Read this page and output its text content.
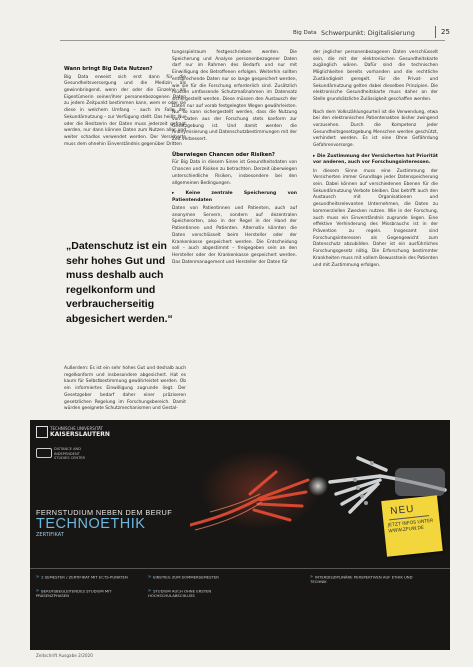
Big Data Schwerpunkt: Digitalisierung	25
Wann bringt Big Data Nutzen?

Big Data erweist sich erst dann für die Gesundheitsversorgung und die Medizin als gewinnbringend, wenn der oder die Einzelne als Eigentümerin seiner/ihrer personenbezogenen Daten zu jedem Zeitpunkt bestimmen kann, wem er oder sie diese in welchem Umfang – auch im Falle der Sekundärnutzung – zur Verfügung stellt. Das heißt: Nur oder die Besitzerin der Daten muss jederzeit gefragt werden, nur dann können Daten zum Nutzen aller und weiter schadlos verwendet werden. Der Versicherte muss dem ohnehin Einverständnis gegenüber Dritten

„Datenschutz ist ein sehr hohes Gut und muss deshalb auch regelkonform und verbraucherseitig abgesichert werden.“

Außerdem: Es ist ein sehr hohes Gut und deshalb auch regelkonform und insbesondere abgesichert. Hat es kaum für Selbstbestimmung gewährleistet werden. Ob ein informiertes Einwilligung zugrunde liegt. Der Gesetzgeber bedarf daher einer präziseren gesetzlichen Regelung im Forschungsbereich. Damit würden geeignete Schutzmechanismen und Gestal-

tungsspielraum festgeschrieben werden. Die Speicherung und Analyse personenbezogener Daten darf nur im Rahmen des Bedarfs und nur mit Einwilligung des Betroffenen erfolgen. Weiterhin sollten entsprechende Daten nur so lange gespeichert werden, wie sie für die Forschung erforderlich sind. Zusätzlich müssen umfassende Schutzmaßnahmen im Datensatz sichergestellt werden. Diese müssen den Austausch der Daten nur auf vorab festgelegten Wegen gewährleisten. Nur so kann sichergestellt werden, dass die Nutzung von Daten aus der Forschung stets konform zur Gesetzgebung ist. Und damit werden die Anonymisierung und Datenschutzbestimmungen mit der Zeit verbessert.

Überwiegen Chancen oder Risiken?

Für Big Data in diesem Sinne ist Gesundheitsdaten von Chancen und Risiken zu betrachten. Derzeit überwiegen unterschiedliche Risiken, insbesondere bei den allgemeinen Bedingungen.

▸ Keine zentrale Speicherung von Patientendaten

Daten von Patientinnen und Patienten, auch auf anonymen Servern, sondern auf dezentralen Speicherorten, also in der Regel in der Hand der Patientinnen und Patienten. Alternativ könnten die Daten verschlüsselt beim Hersteller oder der Krankenkasse gespeichert werden. Die Entscheidung soll – auch abgestimmt – freigegeben sein an den Hersteller oder der Krankenkasse gespeichert werden. Das Datenmanagement und Hersteller der Daten für

der jeglicher personenbezogenen Daten verschlüsselt sein, die mit der elektronischen Gesundheitskarte zugänglich wären. Dafür sind die technischen Möglichkeiten bereits vorhanden und die rechtliche Zuständigkeit geregelt. Für die Privat- und Sekundärnutzung gelten dabei dieselben Prinzipien. Die elektronische Gesundheitskarte muss daher an der Stelle grundsätzliche Zulässigkeit geschaffen werden.

Nach dem Volkszählungsurteil ist die Verwendung, etwa bei den elektronischen Patientenakten bisher zwingend vorzusehen. Durch die Kompetenz jeder Gesundheitsgesetzgebung Menschen werden geschützt, verhindert werden. Es ist eine Ohne Gefährdung Gefahrenvorsorge.

▸ Die Zustimmung der Versicherten hat Priorität vor anderen, auch vor Forschungsinteressen.

In diesem Sinne muss eine Zustimmung der Versicherten immer Grundlage jeder Datenspeicherung sein. Dabei können auf verschiedenen Ebenen für die Sekundärnutzung Verbote bleiben. Das betrifft auch den Austausch mit Organisationen und gesundheitsrelevanten Unternehmen, die Daten zu kommerziellen Zwecken nutzen. Wie in der Forschung, auch muss ein Einverständnis zugrunde liegen. Eine effektive Verhinderung des Missbrauchs ist in der Prävention zu regeln. Insgesamt sind Forschungsinteressen als Gegengewicht zum Datenschutz abzubilden. Daher ist ein ausführliches Forschungsgesetz nötig. Die Erforschung bestimmter Krankheiten muss mit vollem Bewusstsein des Patienten und mit Zustimmung erfolgen.

TECHNISCHE UNIVERSITÄT
KAISERSLAUTERN
DISTANCE AND INDEPENDENT STUDIES CENTER
FERNSTUDIUM NEBEN DEM BERUF
TECHNOETHIK
ZERTIFIKAT
NEU
JETZT INFOS UNTER WWW.ZFUW.DE
» 2 SEMESTER / ZERTIFIKAT MIT ECTS-PUNKTEN
» BERUFSBEGLEITENDES STUDIUM MIT PRÄSENZPHASEN
» EINSTIEG ZUM SOMMERSEMESTER
» STUDIUM AUCH OHNE ERSTEN HOCHSCHULABSCHLUSS
» INTERDISZIPLINÄRE PERSPEKTIVEN AUF ETHIK UND TECHNIK
Zeitschrift Ausgabe 2/2020
